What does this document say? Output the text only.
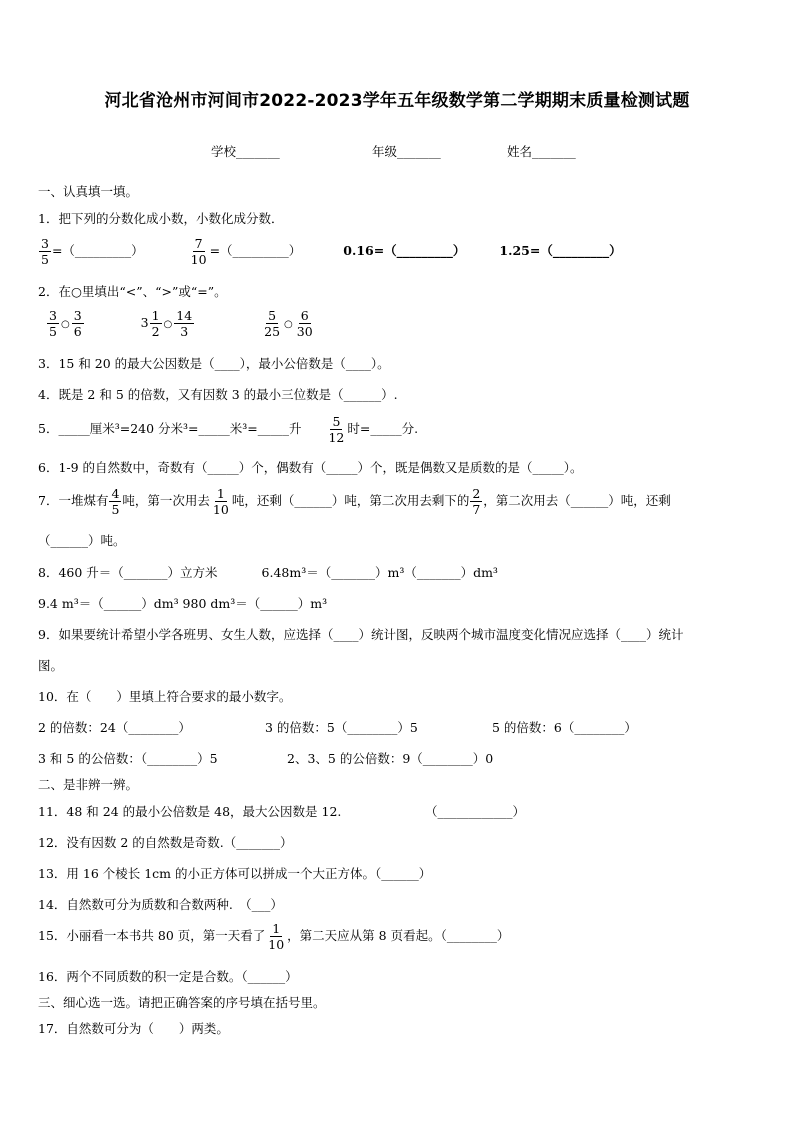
河北省沧州市河间市2022-2023学年五年级数学第二学期期末质量检测试题
学校_______	年级_______	姓名_______
一、认真填一填。
1．把下列的分数化成小数，小数化成分数．
$\frac{3}{5}$ =（_________）	$\frac{7}{10}$ =（_________）	0.16=（_________）	1.25=（_________）
2．在○里填出“<”、“>”或“=”。
$\frac{3}{5}$ ○ $\frac{3}{6}$	$3 \frac{1}{2}$ ○ $\frac{14}{3}$
	$\frac{5}{25}$ ○ $\frac{6}{30}$
3．15 和 20 的最大公因数是（____），最小公倍数是（____）。
4．既是 2 和 5 的倍数，又有因数 3 的最小三位数是（______）.
5．_____厘米³=240 分米³=_____米³=_____升 $\frac{5}{12}$ 时=_____分.
6．1-9 的自然数中，奇数有（_____）个，偶数有（_____）个，既是偶数又是质数的是（_____）。
7．一堆煤有 $\frac{4}{5}$ 吨，第一次用去 $\frac{1}{10}$ 吨，还剩（______）吨，第二次用去剩下的 $\frac{2}{7}$ ，第二次用去（______）吨，还剩
（______）吨。
8．460 升＝（_______）立方米	6.48m³＝（_______）m³（_______）dm³
9.4 m³＝（______）dm³ 980 dm³＝（______）m³
9．如果要统计希望小学各班男、女生人数，应选择（____）统计图，反映两个城市温度变化情况应选择（____）统计
图。
10．在（　　）里填上符合要求的最小数字。
2 的倍数：24（________）	3 的倍数：5（________）5	5 的倍数：6（________）
3 和 5 的公倍数：（________）5	2、3、5 的公倍数：9（________）0
二、是非辨一辨。
11．48 和 24 的最小公倍数是 48，最大公因数是 12.	（____________）
12．没有因数 2 的自然数是奇数.（_______）
13．用 16 个棱长 1cm 的小正方体可以拼成一个大正方体。（______）
14．自然数可分为质数和合数两种.　（___）
15．小丽看一本书共 80 页，第一天看了 $\frac{1}{10}$ ，第二天应从第 8 页看起。（________）
16．两个不同质数的积一定是合数。（______）
三、细心选一选。请把正确答案的序号填在括号里。
17．自然数可分为（　　）两类。
